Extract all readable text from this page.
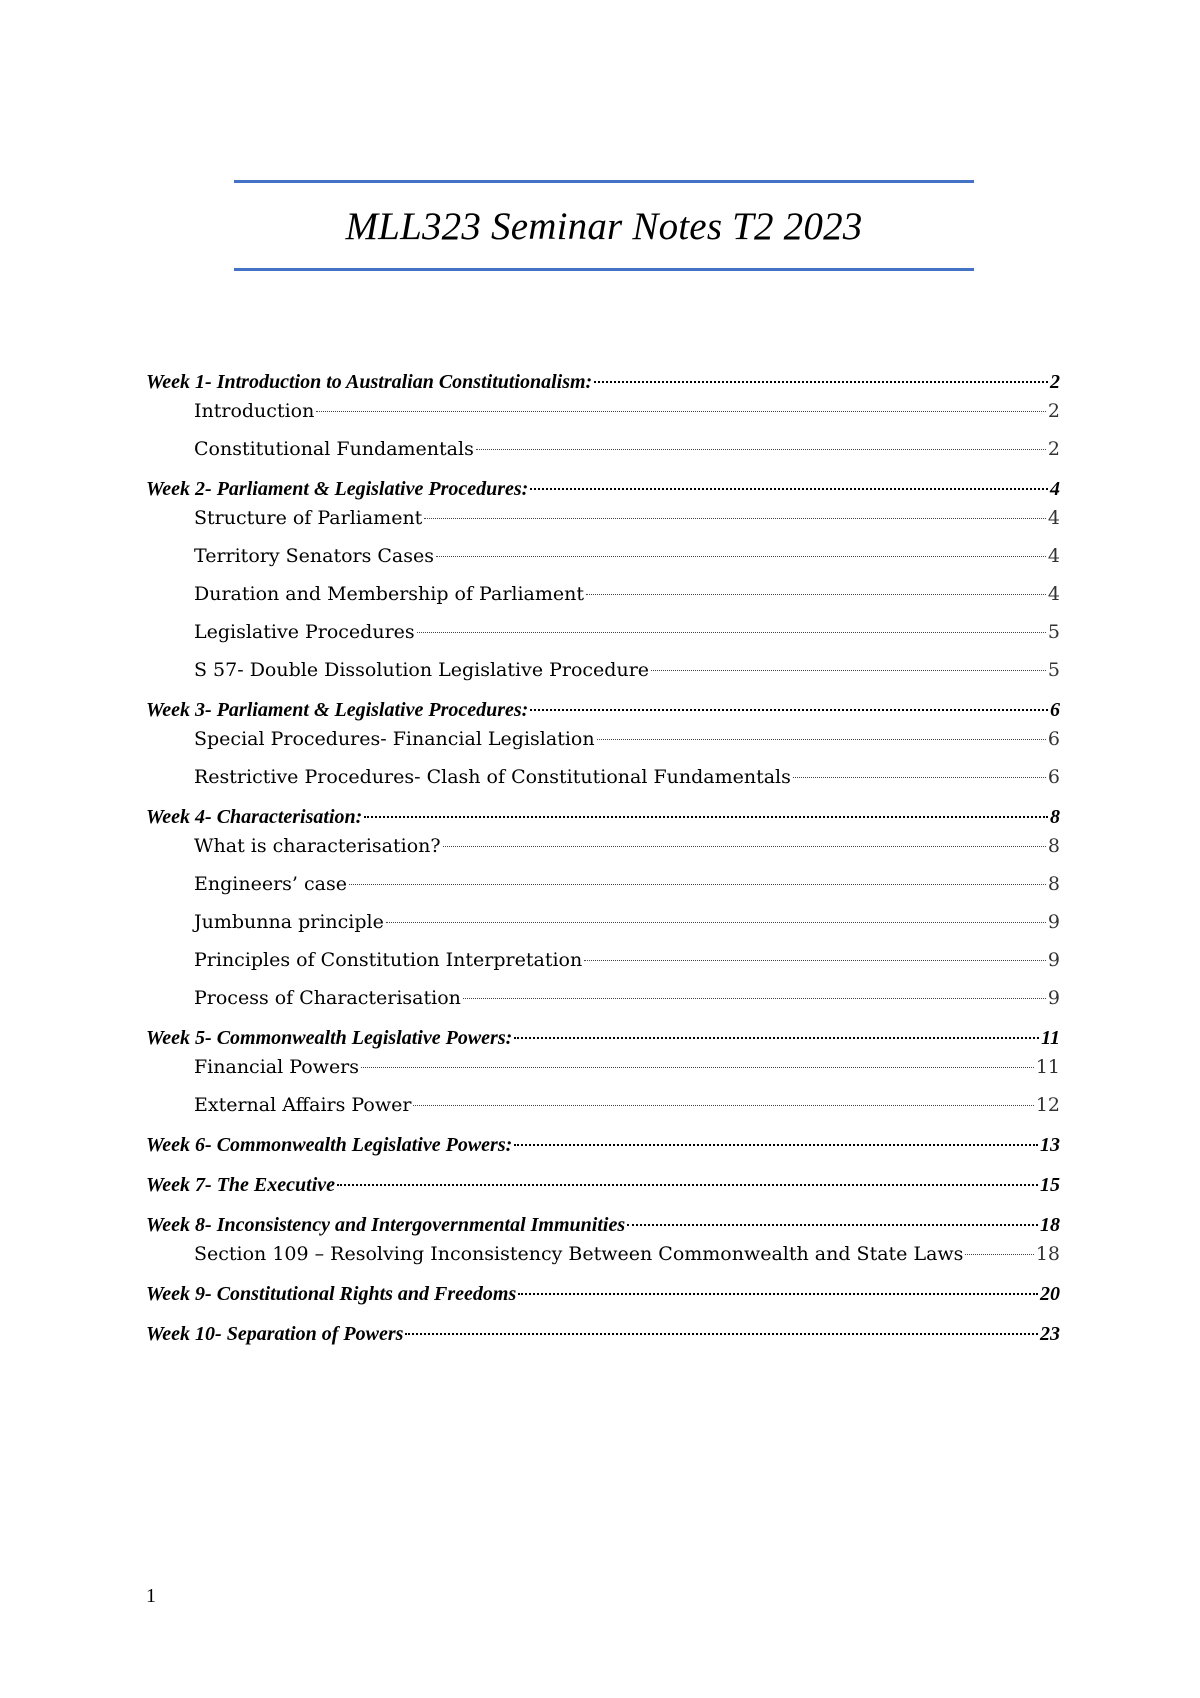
MLL323 Seminar Notes T2 2023
Week 1- Introduction to Australian Constitutionalism:	2
Introduction	2
Constitutional Fundamentals	2
Week 2- Parliament & Legislative Procedures:	4
Structure of Parliament	4
Territory Senators Cases	4
Duration and Membership of Parliament	4
Legislative Procedures	5
S 57- Double Dissolution Legislative Procedure	5
Week 3- Parliament & Legislative Procedures:	6
Special Procedures- Financial Legislation	6
Restrictive Procedures- Clash of Constitutional Fundamentals	6
Week 4- Characterisation:	8
What is characterisation?	8
Engineers’ case	8
Jumbunna principle	9
Principles of Constitution Interpretation	9
Process of Characterisation	9
Week 5- Commonwealth Legislative Powers:	11
Financial Powers	11
External Affairs Power	12
Week 6- Commonwealth Legislative Powers:	13
Week 7- The Executive	15
Week 8- Inconsistency and Intergovernmental Immunities	18
Section 109 – Resolving Inconsistency Between Commonwealth and State Laws	18
Week 9- Constitutional Rights and Freedoms	20
Week 10- Separation of Powers	23
1
